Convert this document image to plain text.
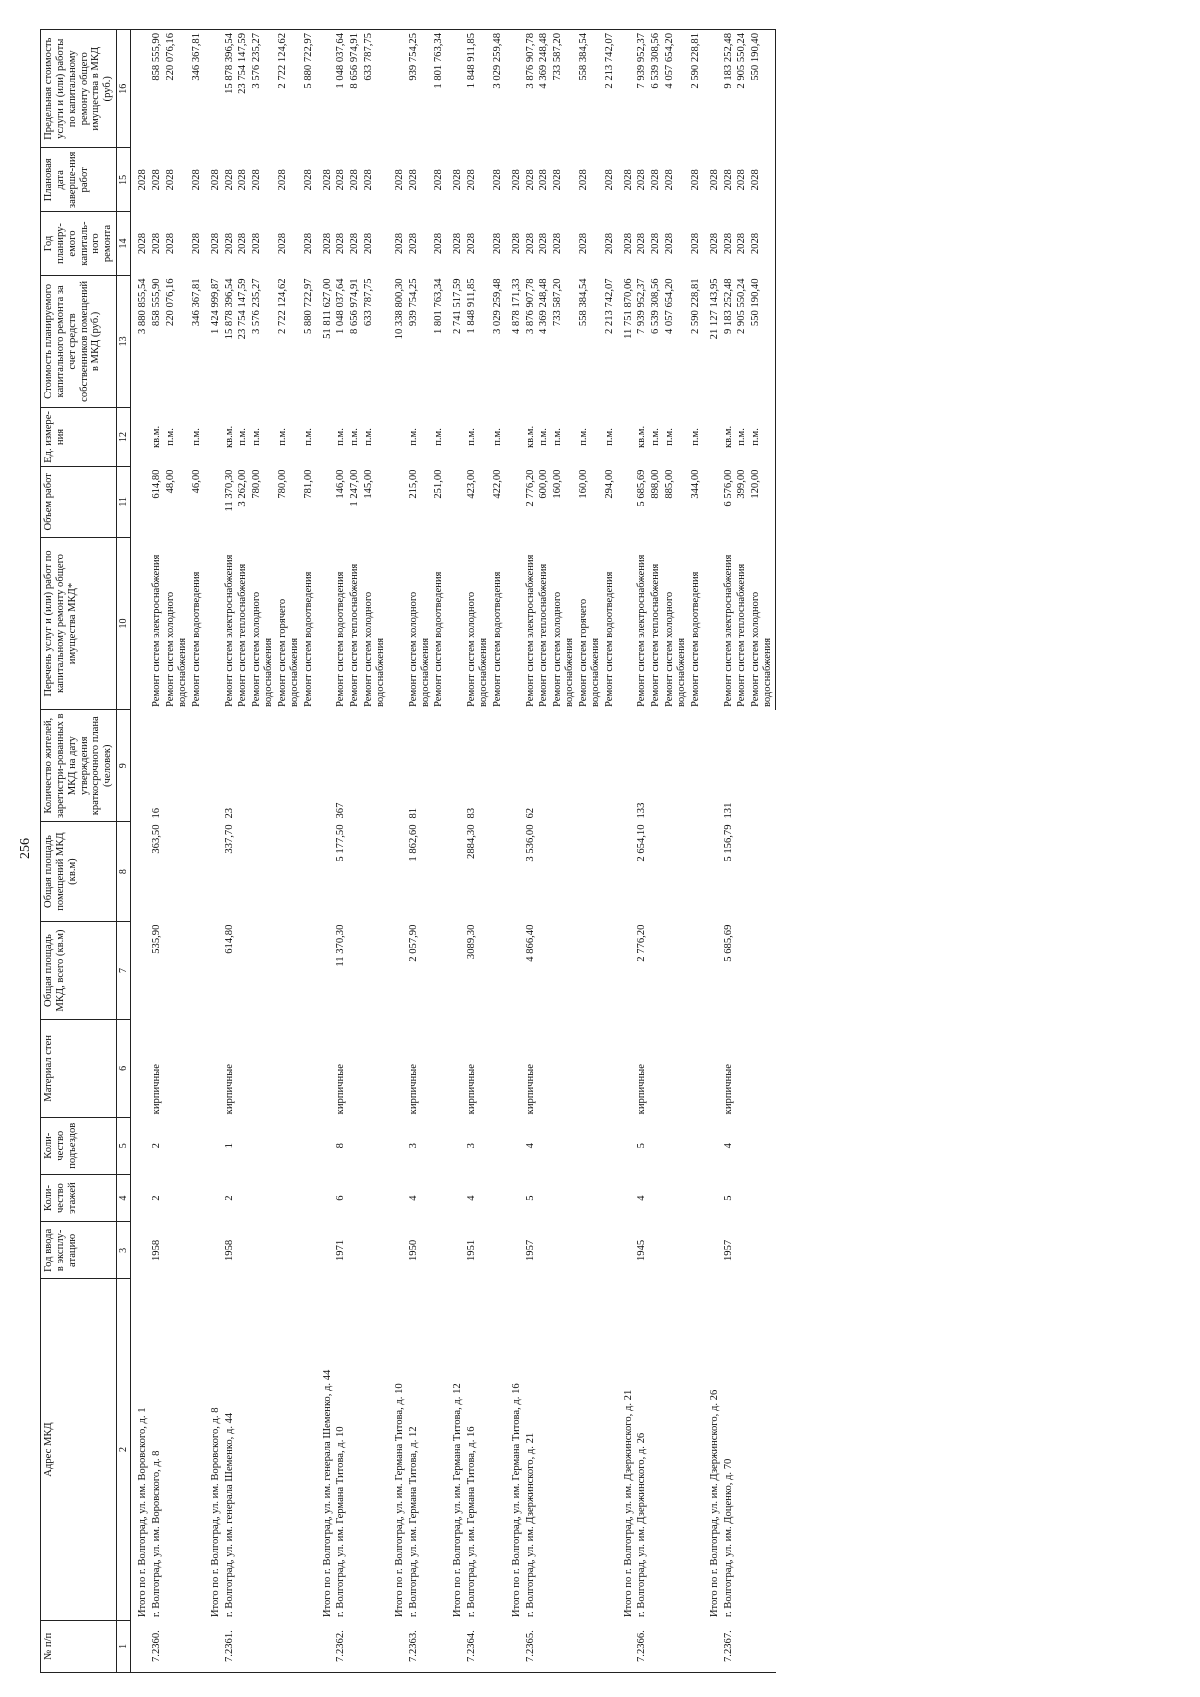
256
№ п/п	Адрес МКД	Год ввода в эксплу-атацию	Коли-чество этажей	Коли-чество подъездов	Материал стен	Общая площадь МКД, всего (кв.м)	Общая площадь помещений МКД (кв.м)	Количество жителей, зарегистри-рованных в МКД на дату утверждения краткосрочного плана (человек)	Перечень услуг и (или) работ по капитальному ремонту общего имущества МКД*	Объем работ	Ед. измере-ния	Стоимость планируемого капитального ремонта за счет средств собственников помещений в МКД (руб.)	Год планиру-емого капиталь-ного ремонта	Плановая дата заверше-ния работ	Предельная стоимость услуги и (или) работы по капитальному ремонту общего имущества в МКД (руб.)
1	2	3	4	5	6	7	8	9	10	11	12	13	14	15	16
	Итого по г. Волгоград, ул. им. Воровского, д. 1											3 880 855,54	2028	2028	
7.2360.	г. Волгоград, ул. им. Воровского, д. 8	1958	2	2	кирпичные	535,90	363,50	16	Ремонт систем электроснабжения	614,80	кв.м.	858 555,90	2028	2028	858 555,90
									Ремонт систем холодного водоснабжения	48,00	п.м.	220 076,16	2028	2028	220 076,16
									Ремонт систем водоотведения	46,00	п.м.	346 367,81	2028	2028	346 367,81
	Итого по г. Волгоград, ул. им. Воровского, д. 8											1 424 999,87	2028	2028	
7.2361.	г. Волгоград, ул. им. генерала Шеменко, д. 44	1958	2	1	кирпичные	614,80	337,70	23	Ремонт систем электроснабжения	11 370,30	кв.м.	15 878 396,54	2028	2028	15 878 396,54
									Ремонт систем теплоснабжения	3 262,00	п.м.	23 754 147,59	2028	2028	23 754 147,59
									Ремонт систем холодного водоснабжения	780,00	п.м.	3 576 235,27	2028	2028	3 576 235,27
									Ремонт систем горячего водоснабжения	780,00	п.м.	2 722 124,62	2028	2028	2 722 124,62
									Ремонт систем водоотведения	781,00	п.м.	5 880 722,97	2028	2028	5 880 722,97
	Итого по г. Волгоград, ул. им. генерала Шеменко, д. 44											51 811 627,00	2028	2028	
7.2362.	г. Волгоград, ул. им. Германа Титова, д. 10	1971	6	8	кирпичные	11 370,30	5 177,50	367	Ремонт систем водоотведения	146,00	п.м.	1 048 037,64	2028	2028	1 048 037,64
									Ремонт систем теплоснабжения	1 247,00	п.м.	8 656 974,91	2028	2028	8 656 974,91
									Ремонт систем холодного водоснабжения	145,00	п.м.	633 787,75	2028	2028	633 787,75
	Итого по г. Волгоград, ул. им. Германа Титова, д. 10											10 338 800,30	2028	2028	
7.2363.	г. Волгоград, ул. им. Германа Титова, д. 12	1950	4	3	кирпичные	2 057,90	1 862,60	81	Ремонт систем холодного водоснабжения	215,00	п.м.	939 754,25	2028	2028	939 754,25
									Ремонт систем водоотведения	251,00	п.м.	1 801 763,34	2028	2028	1 801 763,34
	Итого по г. Волгоград, ул. им. Германа Титова, д. 12											2 741 517,59	2028	2028	
7.2364.	г. Волгоград, ул. им. Германа Титова, д. 16	1951	4	3	кирпичные	3089,30	2884,30	83	Ремонт систем холодного водоснабжения	423,00	п.м.	1 848 911,85	2028	2028	1 848 911,85
									Ремонт систем водоотведения	422,00	п.м.	3 029 259,48	2028	2028	3 029 259,48
	Итого по г. Волгоград, ул. им. Германа Титова, д. 16											4 878 171,33	2028	2028	
7.2365.	г. Волгоград, ул. им. Дзержинского, д. 21	1957	5	4	кирпичные	4 866,40	3 536,00	62	Ремонт систем электроснабжения	2 776,20	кв.м.	3 876 907,78	2028	2028	3 876 907,78
									Ремонт систем теплоснабжения	600,00	п.м.	4 369 248,48	2028	2028	4 369 248,48
									Ремонт систем холодного водоснабжения	160,00	п.м.	733 587,20	2028	2028	733 587,20
									Ремонт систем горячего водоснабжения	160,00	п.м.	558 384,54	2028	2028	558 384,54
									Ремонт систем водоотведения	294,00	п.м.	2 213 742,07	2028	2028	2 213 742,07
	Итого по г. Волгоград, ул. им. Дзержинского, д. 21											11 751 870,06	2028	2028	
7.2366.	г. Волгоград, ул. им. Дзержинского, д. 26	1945	4	5	кирпичные	2 776,20	2 654,10	133	Ремонт систем электроснабжения	5 685,69	кв.м.	7 939 952,37	2028	2028	7 939 952,37
									Ремонт систем теплоснабжения	898,00	п.м.	6 539 308,56	2028	2028	6 539 308,56
									Ремонт систем холодного водоснабжения	885,00	п.м.	4 057 654,20	2028	2028	4 057 654,20
									Ремонт систем водоотведения	344,00	п.м.	2 590 228,81	2028	2028	2 590 228,81
	Итого по г. Волгоград, ул. им. Дзержинского, д. 26											21 127 143,95	2028	2028	
7.2367.	г. Волгоград, ул. им. Доценко, д. 70	1957	5	4	кирпичные	5 685,69	5 156,79	131	Ремонт систем электроснабжения	6 576,00	кв.м.	9 183 252,48	2028	2028	9 183 252,48
									Ремонт систем теплоснабжения	399,00	п.м.	2 905 550,24	2028	2028	2 905 550,24
									Ремонт систем холодного водоснабжения	120,00	п.м.	550 190,40	2028	2028	550 190,40
